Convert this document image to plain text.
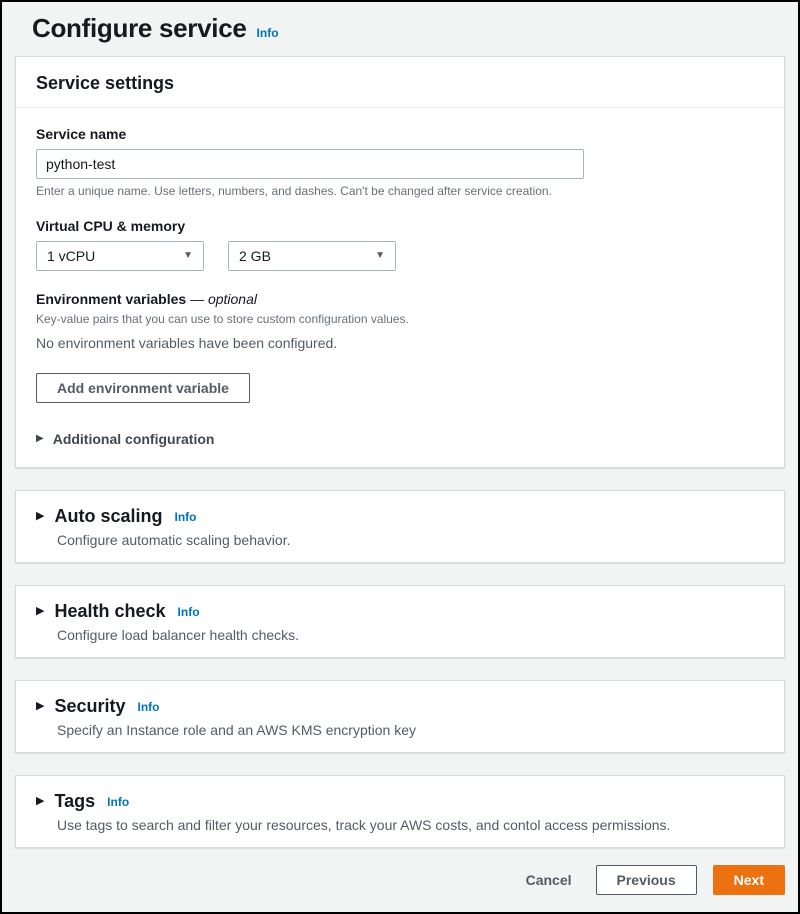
Configure service Info
Service settings
Service name
python-test
Enter a unique name. Use letters, numbers, and dashes. Can't be changed after service creation.
Virtual CPU & memory
1 vCPU	▼	2 GB	▼
Environment variables — optional
Key-value pairs that you can use to store custom configuration values.
No environment variables have been configured.
Add environment variable
▶ Additional configuration
▶ Auto scaling Info
Configure automatic scaling behavior.
▶ Health check Info
Configure load balancer health checks.
▶ Security Info
Specify an Instance role and an AWS KMS encryption key
▶ Tags Info
Use tags to search and filter your resources, track your AWS costs, and contol access permissions.
Cancel	Previous	Next
